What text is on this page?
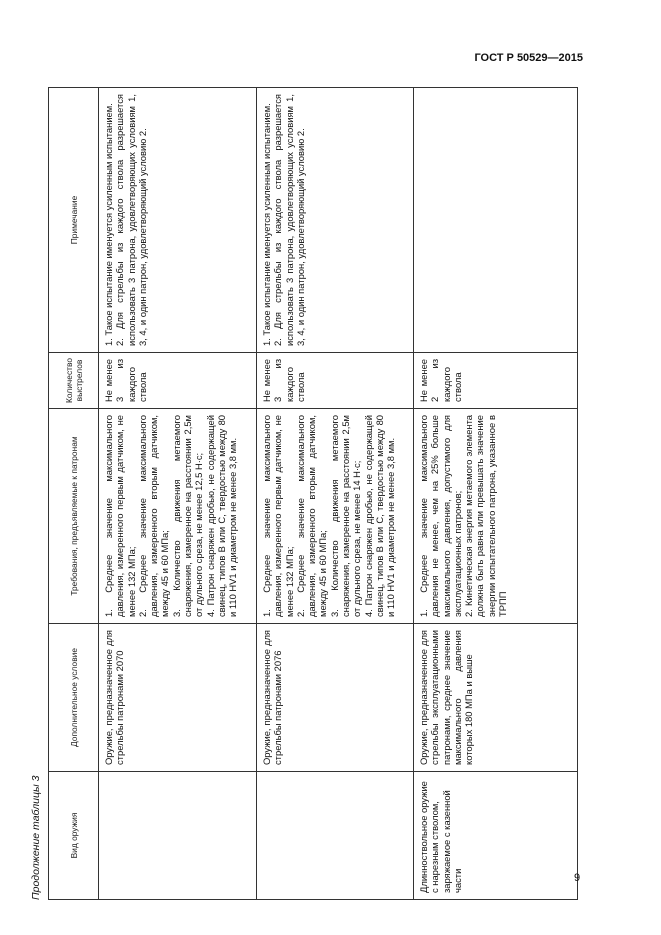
ГОСТ Р 50529—2015
Продолжение таблицы 3	Вид оружия	Дополнительное условие	Требования, предъявляемые к патронам	Количество выстрелов	Примечание
	Оружие, предназначенное для стрельбы патронами 2070	1. Среднее значение максимального давления, измеренного первым датчиком, не менее 132 МПа; 2. Среднее значение максимального давления, измеренного вторым датчиком, между 45 и 60 МПа; 3. Количество движения метаемого снаряжения, измеренное на расстоянии 2,5м от дульного среза, не менее 12,5 Н·с; 4. Патрон снаряжен дробью, не содержащей свинец, типов В или С, твердостью между 80 и 110 HV1 и диаметром не менее 3,8 мм.	Не менее 3 из каждого ствола	1. Такое испытание именуется усиленным испытанием. 2. Для стрельбы из каждого ствола разрешается использовать 3 патрона, удовлетворяющих условиям 1, 3, 4, и один патрон, удовлетворяющий условию 2.

	Оружие, предназначенное для стрельбы патронами 2076	1. Среднее значение максимального давления, измеренного первым датчиком, не менее 132 МПа; 2. Среднее значение максимального давления, измеренного вторым датчиком, между 45 и 60 МПа; 3. Количество движения метаемого снаряжения, измеренное на расстоянии 2,5м от дульного среза, не менее 14 Н·с; 4. Патрон снаряжен дробью, не содержащей свинец, типов В или С, твердостью между 80 и 110 HV1 и диаметром не менее 3,8 мм.	Не менее 3 из каждого ствола	1. Такое испытание именуется усиленным испытанием. 2. Для стрельбы из каждого ствола разрешается использовать 3 патрона, удовлетворяющих условиям 1, 3, 4, и один патрон, удовлетворяющий условию 2.

Длинноствольное оружие с нарезным стволом, заряжаемое с казенной части	Оружие, предназначенное для стрельбы эксплуатационными патронами, среднее значение максимального давления которых 180 МПа и выше	1. Среднее значение максимального давления не менее, чем на 25% больше максимального давления, допустимого для эксплуатационных патронов; 2. Кинетическая энергия метаемого элемента должна быть равна или превышать значение энергии испытательного патрона, указанное в ТРПП	Не менее 2 из каждого ствола	
9
